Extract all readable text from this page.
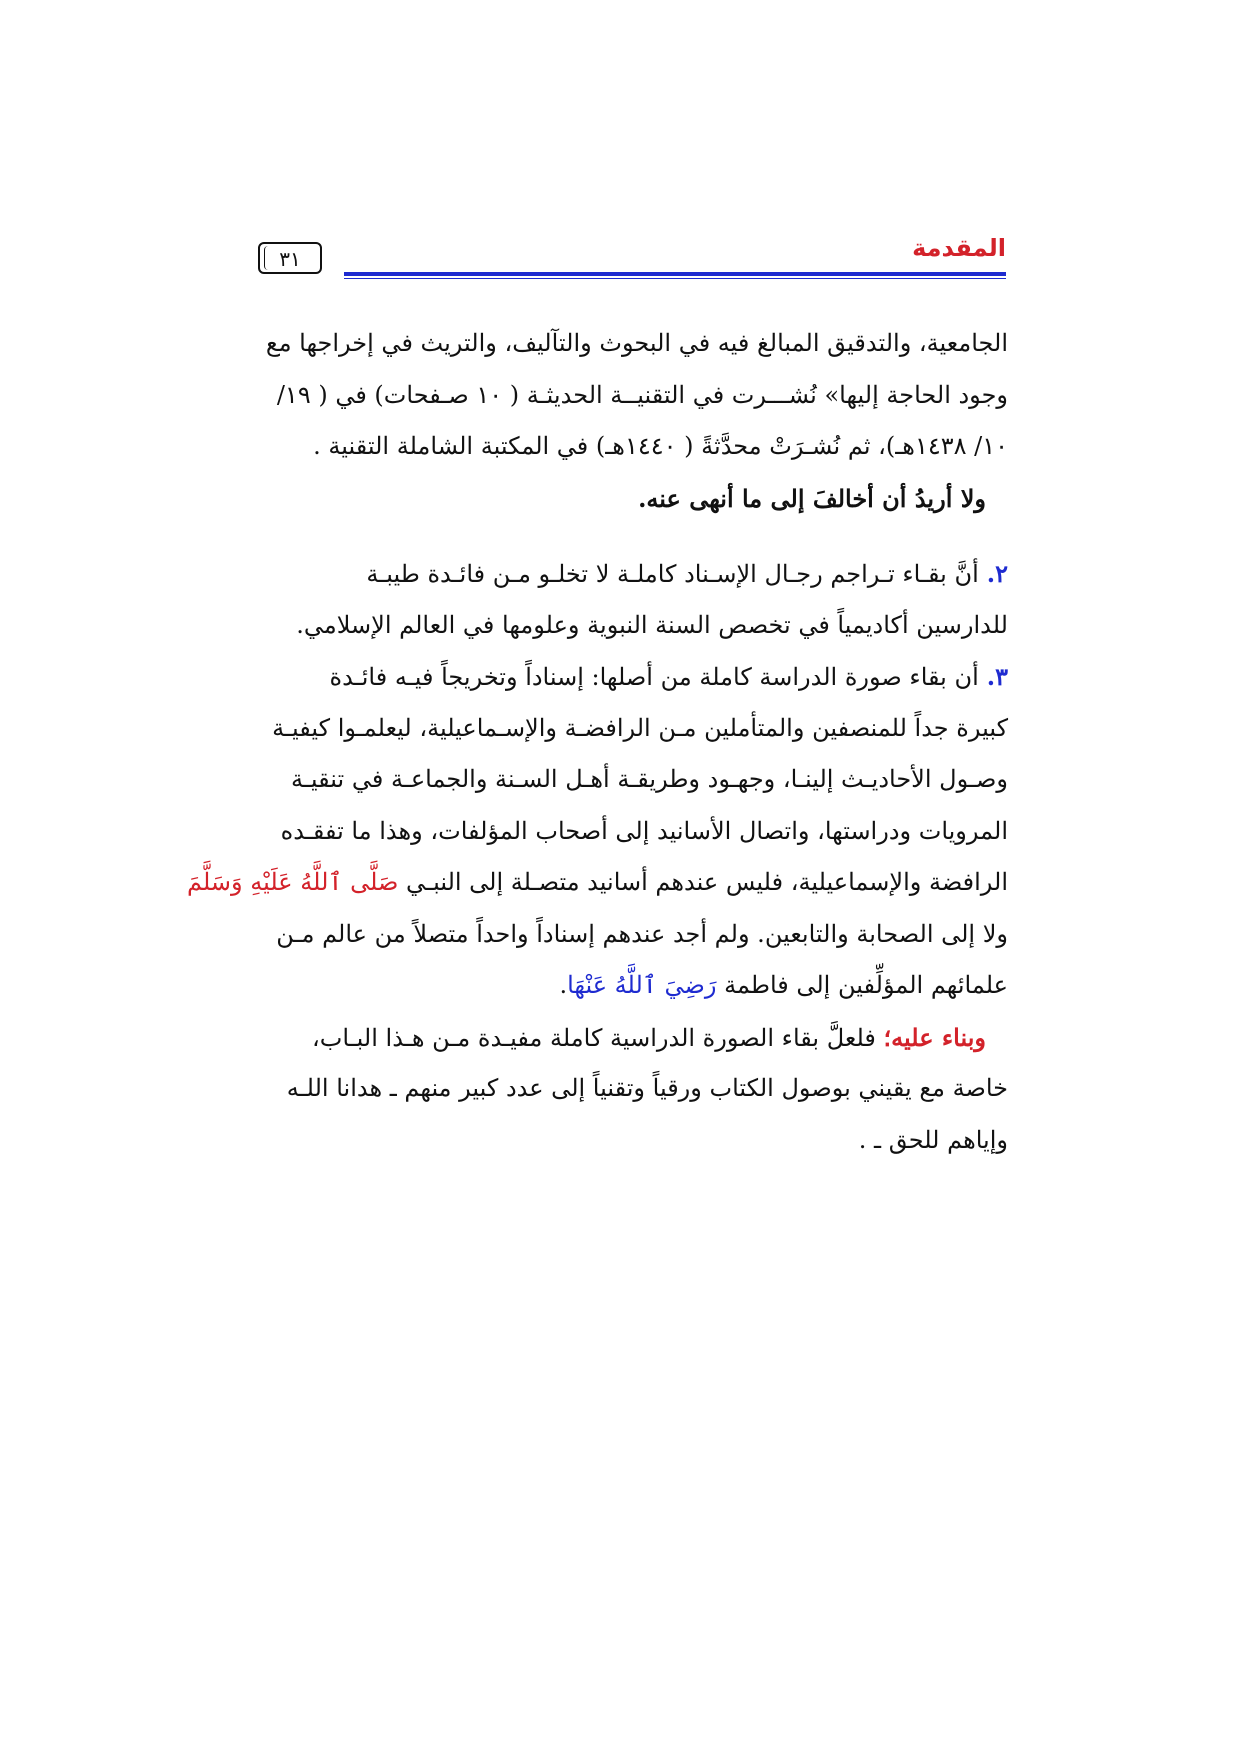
المقدمة
٣١
الجامعية، والتدقيق المبالغ فيه في البحوث والتآليف، والتريث في إخراجها مع
وجود الحاجة إليها» نُشـــرت في التقنيــة الحديثـة ( ١٠ صـفحات) في ( ١٩/
١٠/ ١٤٣٨هـ)، ثم نُشـرَتْ محدَّثةً ( ١٤٤٠هـ) في المكتبة الشاملة التقنية .
ولا أريدُ أن أخالفَ إلى ما أنهى عنه.
٢.أنَّ بقـاء تـراجم رجـال الإسـناد كاملـة لا تخلـو مـن فائـدة طيبـة
للدارسين أكاديمياً في تخصص السنة النبوية وعلومها في العالم الإسلامي.
٣.أن بقاء صورة الدراسة كاملة من أصلها: إسناداً وتخريجاً فيـه فائـدة
كبيرة جداً للمنصفين والمتأملين مـن الرافضـة والإسـماعيلية، ليعلمـوا كيفيـة
وصـول الأحاديـث إلينـا، وجهـود وطريقـة أهـل السـنة والجماعـة في تنقيـة
المرويات ودراستها، واتصال الأسانيد إلى أصحاب المؤلفات، وهذا ما تفقـده
الرافضة والإسماعيلية، فليس عندهم أسانيد متصـلة إلى النبـي صَلَّى ٱللَّهُ عَلَيْهِ وَسَلَّمَ
ولا إلى الصحابة والتابعين. ولم أجد عندهم إسناداً واحداً متصلاً من عالم مـن
علمائهم المؤلِّفين إلى فاطمة رَضِيَ ٱللَّهُ عَنْهَا.
وبناء عليه؛ فلعلَّ بقاء الصورة الدراسية كاملة مفيـدة مـن هـذا البـاب،
خاصة مع يقيني بوصول الكتاب ورقياً وتقنياً إلى عدد كبير منهم ـ هدانا اللـه
وإياهم للحق ـ .
